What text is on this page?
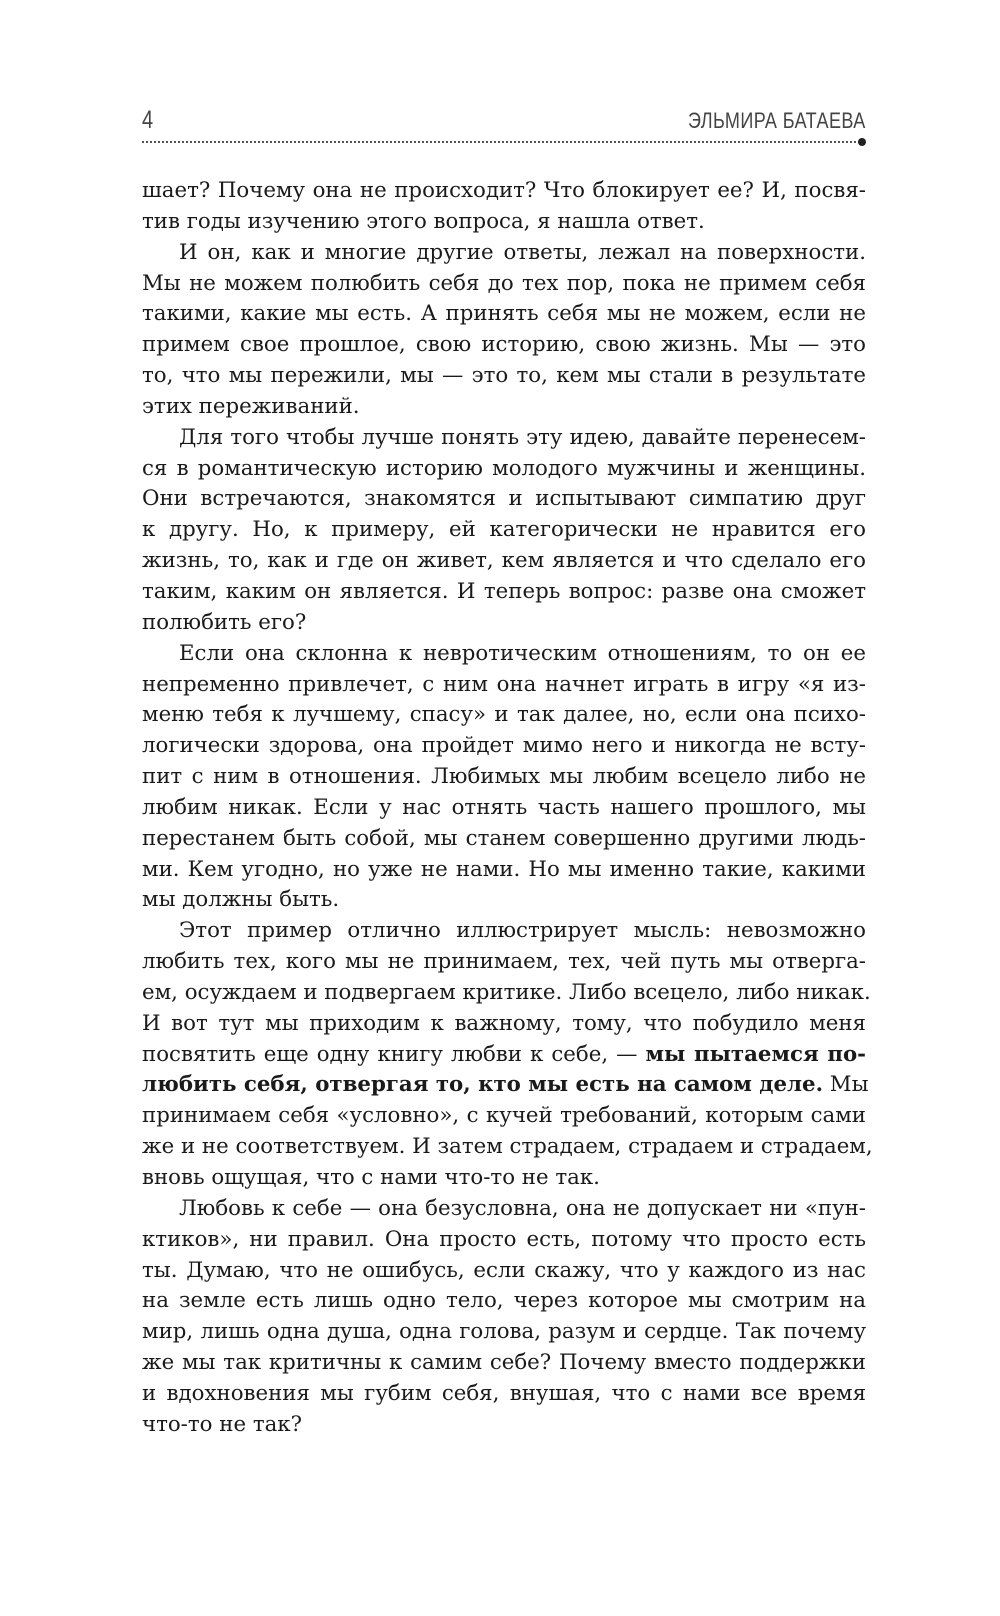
4	ЭЛЬМИРА БАТАЕВА
шает? Почему она не происходит? Что блокирует ее? И, посвя-
тив годы изучению этого вопроса, я нашла ответ.
И он, как и многие другие ответы, лежал на поверхности.
Мы не можем полюбить себя до тех пор, пока не примем себя
такими, какие мы есть. А принять себя мы не можем, если не
примем свое прошлое, свою историю, свою жизнь. Мы — это
то, что мы пережили, мы — это то, кем мы стали в результате
этих переживаний.
Для того чтобы лучше понять эту идею, давайте перенесем-
ся в романтическую историю молодого мужчины и женщины.
Они встречаются, знакомятся и испытывают симпатию друг
к другу. Но, к примеру, ей категорически не нравится его
жизнь, то, как и где он живет, кем является и что сделало его
таким, каким он является. И теперь вопрос: разве она сможет
полюбить его?
Если она склонна к невротическим отношениям, то он ее
непременно привлечет, с ним она начнет играть в игру «я из-
меню тебя к лучшему, спасу» и так далее, но, если она психо-
логически здорова, она пройдет мимо него и никогда не всту-
пит с ним в отношения. Любимых мы любим всецело либо не
любим никак. Если у нас отнять часть нашего прошлого, мы
перестанем быть собой, мы станем совершенно другими людь-
ми. Кем угодно, но уже не нами. Но мы именно такие, какими
мы должны быть.
Этот пример отлично иллюстрирует мысль: невозможно
любить тех, кого мы не принимаем, тех, чей путь мы отверга-
ем, осуждаем и подвергаем критике. Либо всецело, либо никак.
И вот тут мы приходим к важному, тому, что побудило меня
посвятить еще одну книгу любви к себе, — мы пытаемся по-
любить себя, отвергая то, кто мы есть на самом деле. Мы
принимаем себя «условно», с кучей требований, которым сами
же и не соответствуем. И затем страдаем, страдаем и страдаем,
вновь ощущая, что с нами что-то не так.
Любовь к себе — она безусловна, она не допускает ни «пун-
ктиков», ни правил. Она просто есть, потому что просто есть
ты. Думаю, что не ошибусь, если скажу, что у каждого из нас
на земле есть лишь одно тело, через которое мы смотрим на
мир, лишь одна душа, одна голова, разум и сердце. Так почему
же мы так критичны к самим себе? Почему вместо поддержки
и вдохновения мы губим себя, внушая, что с нами все время
что-то не так?
